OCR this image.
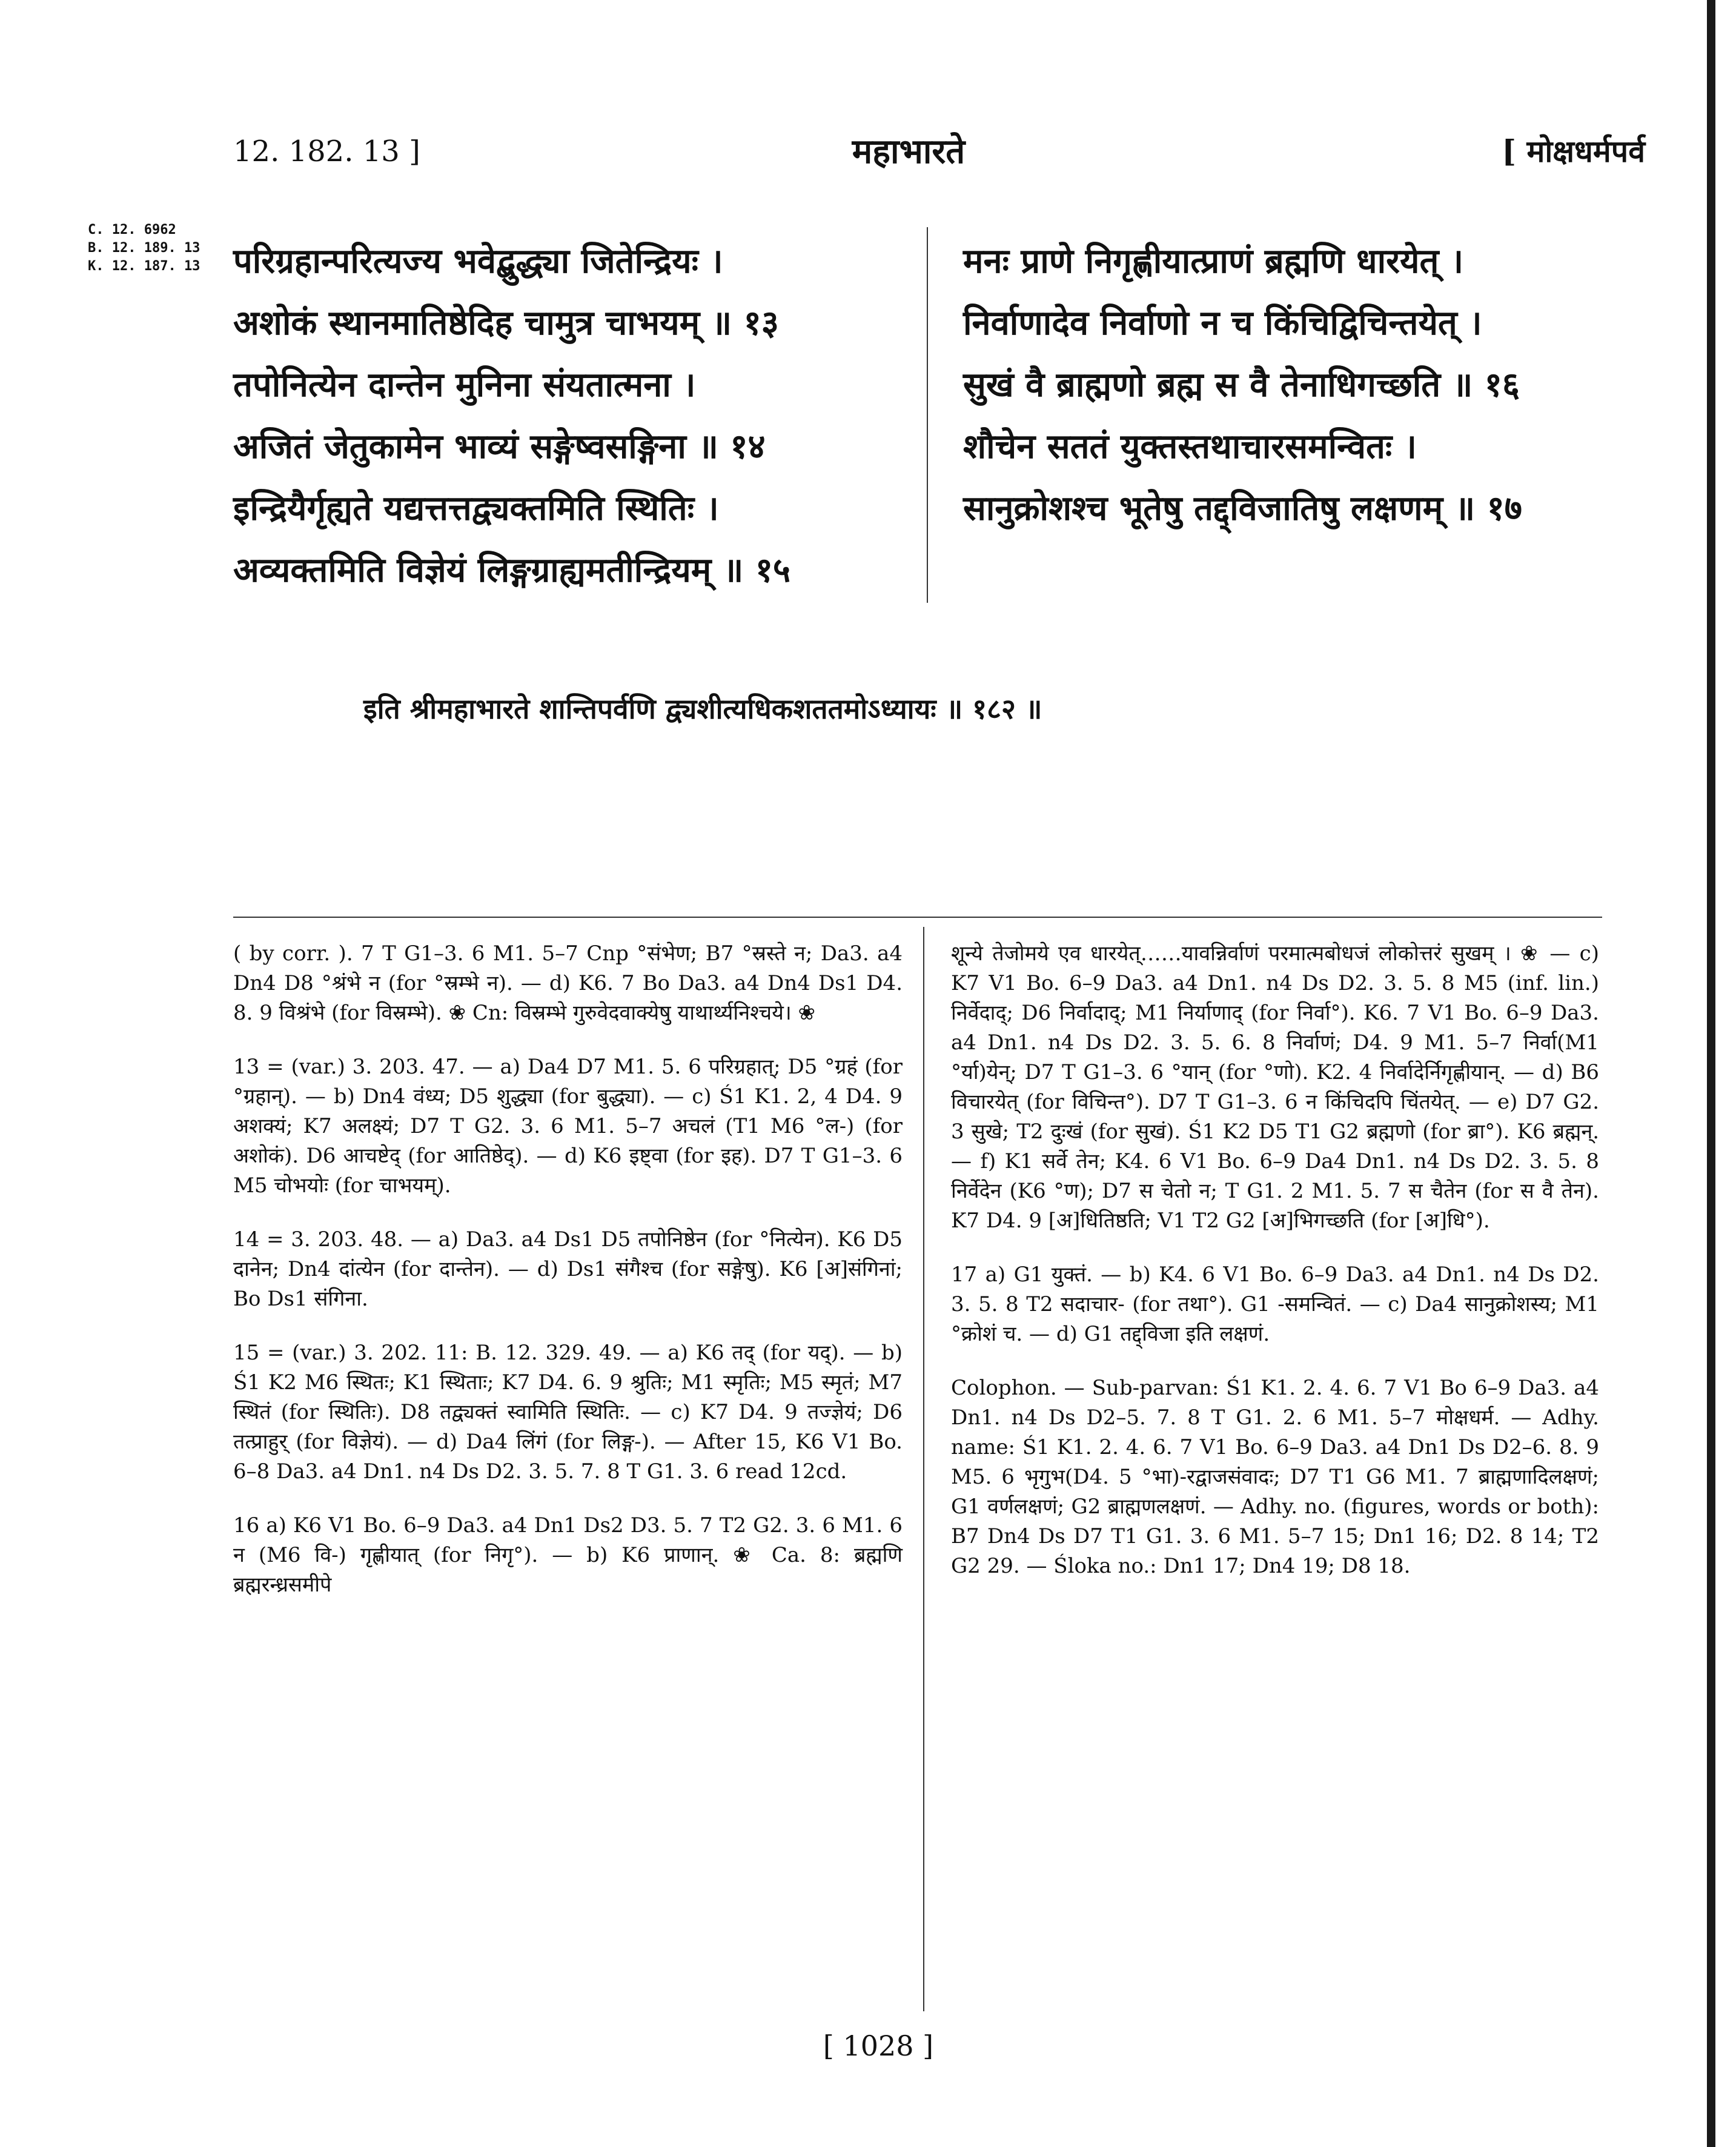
12. 182. 13 ]	महाभारते	[ मोक्षधर्मपर्व
C. 12. 6962
B. 12. 189. 13
K. 12. 187. 13 परिग्रहान्परित्यज्य भवेद्बुद्ध्या जितेन्द्रियः ।
अशोकं स्थानमातिष्ठेदिह चामुत्र चाभयम् ॥ १३
तपोनित्येन दान्तेन मुनिना संयतात्मना ।
अजितं जेतुकामेन भाव्यं सङ्गेष्वसङ्गिना ॥ १४
इन्द्रियैर्गृह्यते यद्यत्तत्तद्व्यक्तमिति स्थितिः ।
अव्यक्तमिति विज्ञेयं लिङ्गग्राह्यमतीन्द्रियम् ॥ १५
मनः प्राणे निगृह्णीयात्प्राणं ब्रह्मणि धारयेत् ।
निर्वाणादेव निर्वाणो न च किंचिद्विचिन्तयेत् ।
सुखं वै ब्राह्मणो ब्रह्म स वै तेनाधिगच्छति ॥ १६
शौचेन सततं युक्तस्तथाचारसमन्वितः ।
सानुक्रोशश्च भूतेषु तद्द्विजातिषु लक्षणम् ॥ १७
इति श्रीमहाभारते शान्तिपर्वणि द्व्यशीत्यधिकशततमोऽध्यायः ॥ १८२ ॥

( by corr. ). 7 T G1–3. 6 M1. 5–7 Cnp °संभेण; B7 °स्रस्ते न; Da3. a4 Dn4 D8 °श्रंभे न (for °स्रम्भे न). — d) K6. 7 Bo Da3. a4 Dn4 Ds1 D4. 8. 9 विश्रंभे (for विस्रम्भे). ❀ Cn: विस्रम्भे गुरुवेदवाक्येषु याथार्थ्यनिश्चये। ❀

13 = (var.) 3. 203. 47. — a) Da4 D7 M1. 5. 6 परिग्रहात्; D5 °ग्रहं (for °ग्रहान्). — b) Dn4 वंध्य; D5 शुद्ध्या (for बुद्ध्या). — c) Ś1 K1. 2, 4 D4. 9 अशक्यं; K7 अलक्ष्यं; D7 T G2. 3. 6 M1. 5–7 अचलं (T1 M6 °ल-) (for अशोकं). D6 आचष्टेद् (for आतिष्ठेद्). — d) K6 इष्ट्वा (for इह). D7 T G1–3. 6 M5 चोभयोः (for चाभयम्).

14 = 3. 203. 48. — a) Da3. a4 Ds1 D5 तपोनिष्ठेन (for °नित्येन). K6 D5 दानेन; Dn4 दांत्येन (for दान्तेन). — d) Ds1 संगैश्च (for सङ्गेषु). K6 [अ]संगिनां; Bo Ds1 संगिना.

15 = (var.) 3. 202. 11: B. 12. 329. 49. — a) K6 तद् (for यद्). — b) Ś1 K2 M6 स्थितः; K1 स्थिताः; K7 D4. 6. 9 श्रुतिः; M1 स्मृतिः; M5 स्मृतं; M7 स्थितं (for स्थितिः). D8 तद्व्यक्तं स्वामिति स्थितिः. — c) K7 D4. 9 तज्ज्ञेयं; D6 तत्प्राहुर् (for विज्ञेयं). — d) Da4 लिंगं (for लिङ्ग-). — After 15, K6 V1 Bo. 6–8 Da3. a4 Dn1. n4 Ds D2. 3. 5. 7. 8 T G1. 3. 6 read 12cd.

16 a) K6 V1 Bo. 6–9 Da3. a4 Dn1 Ds2 D3. 5. 7 T2 G2. 3. 6 M1. 6 न (M6 वि-) गृह्णीयात् (for निगृ°). — b) K6 प्राणान्. ❀ Ca. 8: ब्रह्मणि ब्रह्मरन्ध्रसमीपे

शून्ये तेजोमये एव धारयेत्……यावन्निर्वाणं परमात्मबोधजं लोकोत्तरं सुखम् । ❀ — c) K7 V1 Bo. 6–9 Da3. a4 Dn1. n4 Ds D2. 3. 5. 8 M5 (inf. lin.) निर्वेदाद्; D6 निर्वादाद्; M1 निर्याणाद् (for निर्वा°). K6. 7 V1 Bo. 6–9 Da3. a4 Dn1. n4 Ds D2. 3. 5. 6. 8 निर्वाणं; D4. 9 M1. 5–7 निर्वा(M1 °र्या)येन्; D7 T G1–3. 6 °यान् (for °णो). K2. 4 निर्वादेर्निगृह्णीयान्. — d) B6 विचारयेत् (for विचिन्त°). D7 T G1–3. 6 न किंचिदपि चिंतयेत्. — e) D7 G2. 3 सुखे; T2 दुःखं (for सुखं). Ś1 K2 D5 T1 G2 ब्रह्मणो (for ब्रा°). K6 ब्रह्मन्. — f) K1 सर्वे तेन; K4. 6 V1 Bo. 6–9 Da4 Dn1. n4 Ds D2. 3. 5. 8 निर्वेदेन (K6 °ण); D7 स चेतो न; T G1. 2 M1. 5. 7 स चैतेन (for स वै तेन). K7 D4. 9 [अ]धितिष्ठति; V1 T2 G2 [अ]भिगच्छति (for [अ]धि°).

17 a) G1 युक्तं. — b) K4. 6 V1 Bo. 6–9 Da3. a4 Dn1. n4 Ds D2. 3. 5. 8 T2 सदाचार- (for तथा°). G1 -समन्वितं. — c) Da4 सानुक्रोशस्य; M1 °क्रोशं च. — d) G1 तद्द्विजा इति लक्षणं.

Colophon. — Sub-parvan: Ś1 K1. 2. 4. 6. 7 V1 Bo 6–9 Da3. a4 Dn1. n4 Ds D2–5. 7. 8 T G1. 2. 6 M1. 5–7 मोक्षधर्म. — Adhy. name: Ś1 K1. 2. 4. 6. 7 V1 Bo. 6–9 Da3. a4 Dn1 Ds D2–6. 8. 9 M5. 6 भृगुभ(D4. 5 °भा)-रद्वाजसंवादः; D7 T1 G6 M1. 7 ब्राह्मणादिलक्षणं; G1 वर्णलक्षणं; G2 ब्राह्मणलक्षणं. — Adhy. no. (figures, words or both): B7 Dn4 Ds D7 T1 G1. 3. 6 M1. 5–7 15; Dn1 16; D2. 8 14; T2 G2 29. — Śloka no.: Dn1 17; Dn4 19; D8 18.

[ 1028 ]
